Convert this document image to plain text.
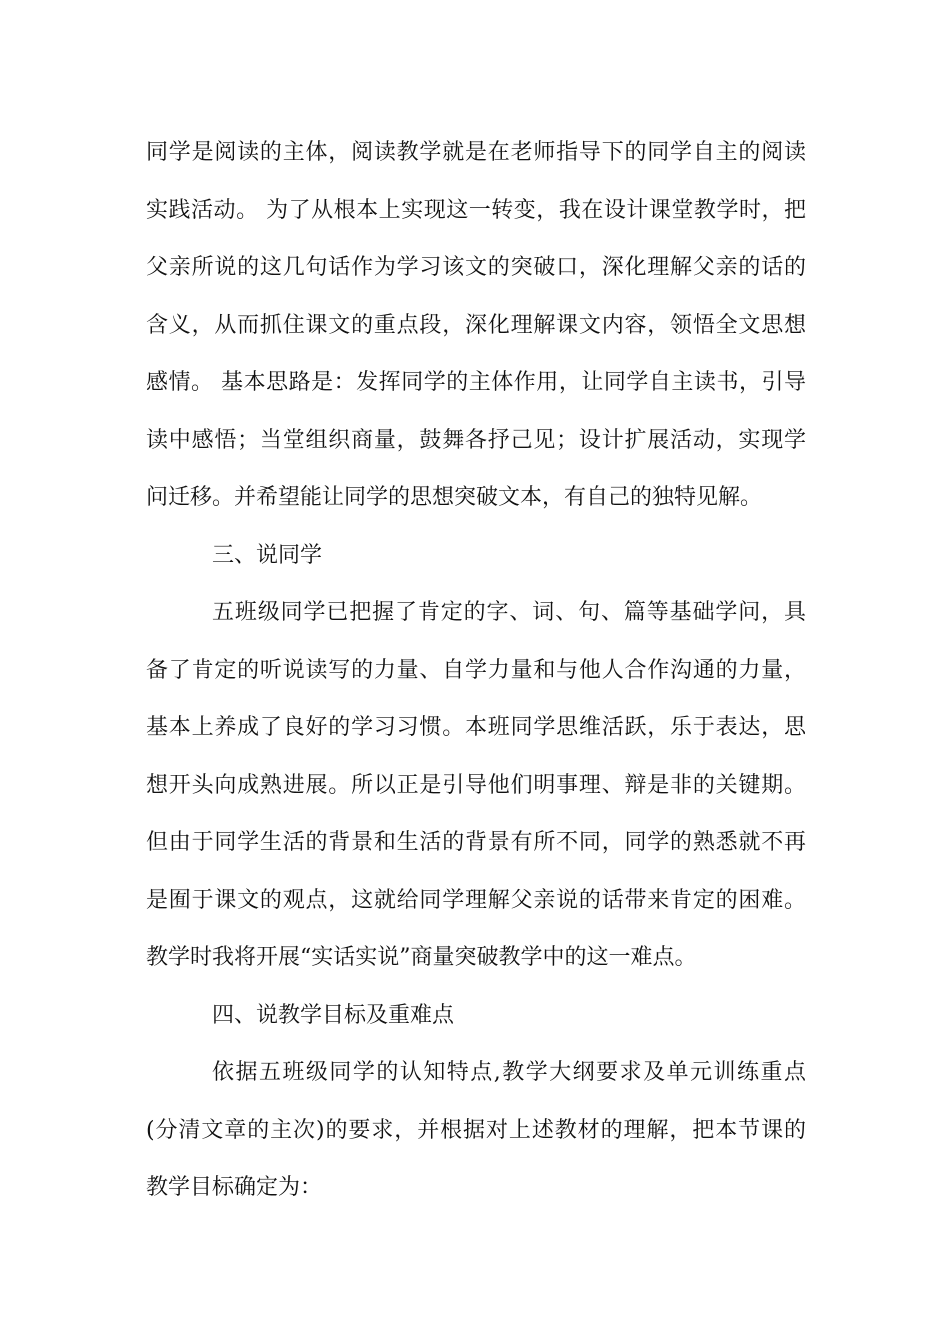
同学是阅读的主体，阅读教学就是在老师指导下的同学自主的阅读
实践活动。 为了从根本上实现这一转变，我在设计课堂教学时，把
父亲所说的这几句话作为学习该文的突破口，深化理解父亲的话的
含义，从而抓住课文的重点段，深化理解课文内容，领悟全文思想
感情。 基本思路是：发挥同学的主体作用，让同学自主读书，引导
读中感悟；当堂组织商量，鼓舞各抒己见；设计扩展活动，实现学
问迁移。并希望能让同学的思想突破文本，有自己的独特见解。
三、说同学
五班级同学已把握了肯定的字、词、句、篇等基础学问，具
备了肯定的听说读写的力量、自学力量和与他人合作沟通的力量，
基本上养成了良好的学习习惯。本班同学思维活跃，乐于表达，思
想开头向成熟进展。所以正是引导他们明事理、辩是非的关键期。
但由于同学生活的背景和生活的背景有所不同，同学的熟悉就不再
是囿于课文的观点，这就给同学理解父亲说的话带来肯定的困难。
教学时我将开展“实话实说”商量突破教学中的这一难点。
四、说教学目标及重难点
依据五班级同学的认知特点,教学大纲要求及单元训练重点
(分清文章的主次)的要求，并根据对上述教材的理解，把本节课的
教学目标确定为：
